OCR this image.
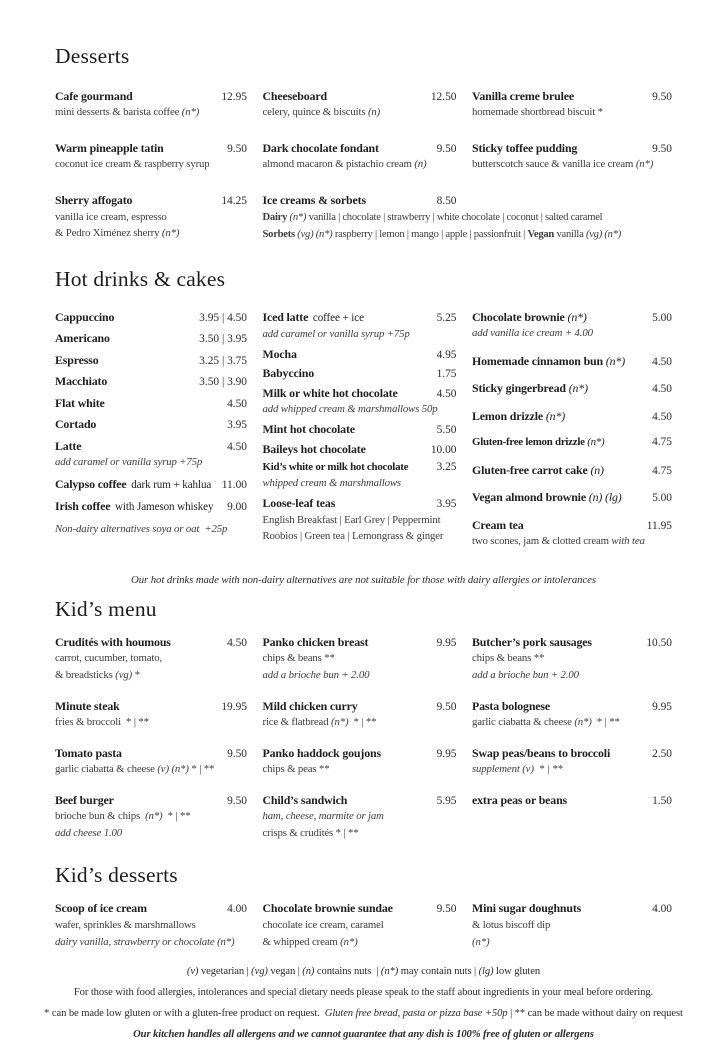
Desserts
Cafe gourmand	12.95
mini desserts & barista coffee (n*)
Cheeseboard	12.50
celery, quince & biscuits (n)
Vanilla creme brulee	9.50
homemade shortbread biscuit *
Warm pineapple tatin	9.50
coconut ice cream & raspberry syrup
Dark chocolate fondant	9.50
almond macaron & pistachio cream (n)
Sticky toffee pudding	9.50
butterscotch sauce & vanilla ice cream (n*)
Sherry affogato	14.25
vanilla ice cream, espresso
& Pedro Ximénez sherry (n*)
Ice creams & sorbets	8.50
Dairy (n*) vanilla | chocolate | strawberry | white chocolate | coconut | salted caramel
Sorbets (vg) (n*) raspberry | lemon | mango | apple | passionfruit | Vegan vanilla (vg) (n*)
Hot drinks & cakes
Cappuccino	3.95 | 4.50
Americano	3.50 | 3.95
Espresso	3.25 | 3.75
Macchiato	3.50 | 3.90
Flat white	4.50
Cortado	3.95
Latte	4.50
add caramel or vanilla syrup +75p
Calypso coffee dark rum + kahlua 11.00
Irish coffee with Jameson whiskey 9.00
Non-dairy alternatives soya or oat  +25p
Iced latte coffee + ice	5.25
add caramel or vanilla syrup +75p
Mocha	4.95
Babyccino	1.75
Milk or white hot chocolate	4.50
add whipped cream & marshmallows 50p
Mint hot chocolate	5.50
Baileys hot chocolate	10.00
Kid’s white or milk hot chocolate 3.25
whipped cream & marshmallows
Loose-leaf teas	3.95
English Breakfast | Earl Grey | Peppermint
Roobios | Green tea | Lemongrass & ginger
Chocolate brownie (n*)	5.00
add vanilla ice cream + 4.00
Homemade cinnamon bun (n*) 4.50
Sticky gingerbread (n*)	4.50
Lemon drizzle (n*)	4.50
Gluten-free lemon drizzle (n*)	4.75
Gluten-free carrot cake (n)	4.75
Vegan almond brownie (n) (lg)	5.00
Cream tea	11.95
two scones, jam & clotted cream with tea

Our hot drinks made with non-dairy alternatives are not suitable for those with dairy allergies or intolerances

Kid’s menu
Crudités with houmous	4.50
carrot, cucumber, tomato,
& breadsticks (vg) *
Panko chicken breast	9.95
chips & beans **
add a brioche bun + 2.00
Butcher’s pork sausages	10.50
chips & beans **
add a brioche bun + 2.00
Minute steak	19.95
fries & broccoli  * | **
Mild chicken curry	9.50
rice & flatbread (n*)  * | **
Pasta bolognese	9.95
garlic ciabatta & cheese (n*)  * | **
Tomato pasta	9.50
garlic ciabatta & cheese (v) (n*) * | **
Panko haddock goujons	9.95
chips & peas **
Swap peas/beans to broccoli	2.50
supplement (v)  * | **
Beef burger	9.50
brioche bun & chips  (n*)  * | **
add cheese 1.00
Child’s sandwich	5.95
ham, cheese, marmite or jam
crisps & crudités * | **
extra peas or beans	1.50
Kid’s desserts
Scoop of ice cream	4.00
wafer, sprinkles & marshmallows
dairy vanilla, strawberry or chocolate (n*)
Chocolate brownie sundae	9.50
chocolate ice cream, caramel
& whipped cream (n*)
Mini sugar doughnuts	4.00
& lotus biscoff dip
(n*)

(v) vegetarian | (vg) vegan | (n) contains nuts  | (n*) may contain nuts | (lg) low gluten

For those with food allergies, intolerances and special dietary needs please speak to the staff about ingredients in your meal before ordering.

* can be made low gluten or with a gluten-free product on request.  Gluten free bread, pasta or pizza base +50p | ** can be made without dairy on request

Our kitchen handles all allergens and we cannot guarantee that any dish is 100% free of gluten or allergens
